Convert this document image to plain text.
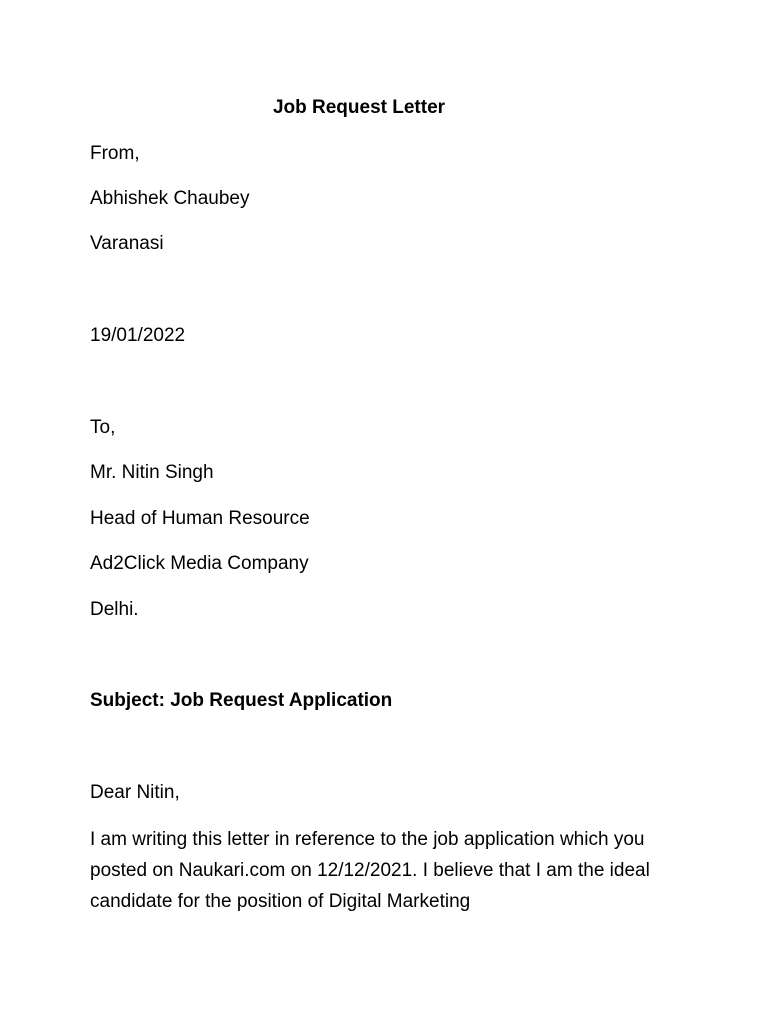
Job Request Letter

From,

Abhishek Chaubey

Varanasi

19/01/2022

To,

Mr. Nitin Singh

Head of Human Resource

Ad2Click Media Company

Delhi.

Subject: Job Request Application

Dear Nitin,

I am writing this letter in reference to the job application which you posted on Naukari.com on 12/12/2021. I believe that I am the ideal candidate for the position of Digital Marketing
